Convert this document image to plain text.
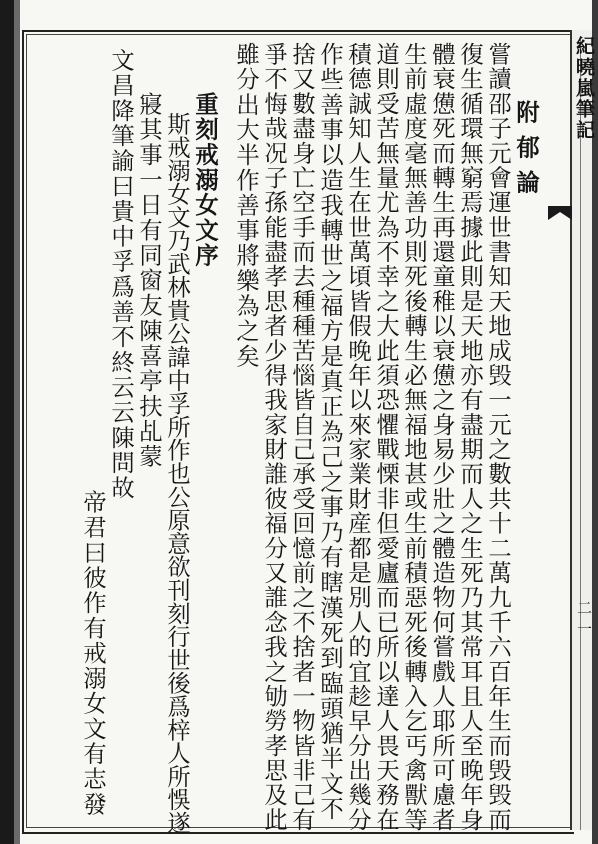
紀曉嵐筆記
二一
附 郁 論
嘗讀邵子元會運世書知天地成毁一元之數共十二萬九千六百年生而毁毁而
復生循環無窮焉據此則是天地亦有盡期而人之生死乃其常耳且人至晚年身
體衰憊死而轉生再還童稚以衰憊之身易少壯之體造物何嘗戲人耶所可慮者
生前虛度毫無善功則死後轉生必無福地甚或生前積惡死後轉入乞丐禽獸等
道則受苦無量尤為不幸之大此須恐懼戰慄非但愛廬而已所以達人畏天務在
積德誠知人生在世萬頃皆假晚年以來家業財産都是別人的宜趁早分出幾分
作些善事以造我轉世之福方是真正為己之事乃有瞎漢死到臨頭猶半文不
捨又數盡身亡空手而去種種苦惱皆自己承受回憶前之不捨者一物皆非己有
爭不悔哉况子孫能盡孝思者少得我家財誰彼福分又誰念我之劬勞孝思及此
雖分出大半作善事將樂為之矣
重刻戒溺女文序
斯戒溺女文乃武林貴公諱中孚所作也公原意欲刊刻行世後爲梓人所悞遂
寢其事一日有同窗友陳喜亭扶乩蒙
文昌降筆諭曰貴中孚爲善不終云云陳問故
帝君曰彼作有戒溺女文有志發
